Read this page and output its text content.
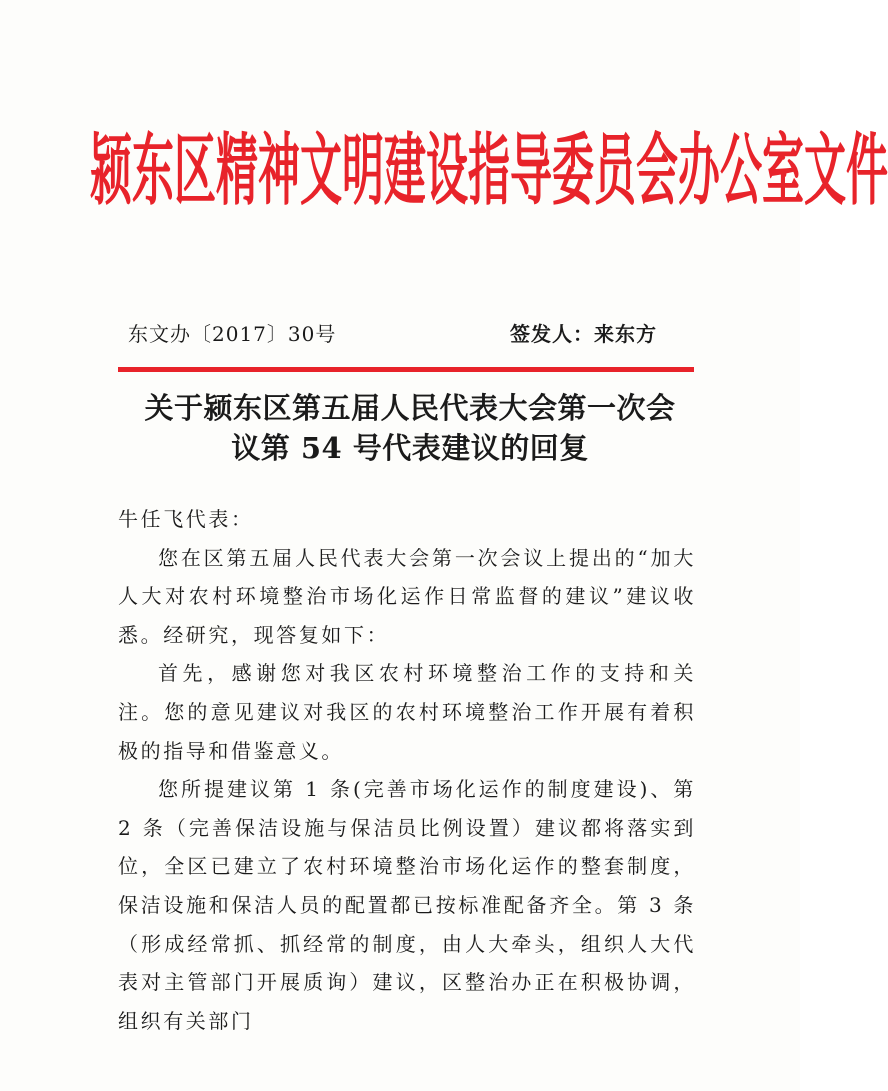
颍东区精神文明建设指导委员会办公室文件
东文办〔2017〕30号	签发人：来东方
关于颍东区第五届人民代表大会第一次会
议第 54 号代表建议的回复

牛任飞代表：

您在区第五届人民代表大会第一次会议上提出的“加大人大对农村环境整治市场化运作日常监督的建议”建议收悉。经研究，现答复如下：

首先，感谢您对我区农村环境整治工作的支持和关注。您的意见建议对我区的农村环境整治工作开展有着积极的指导和借鉴意义。

您所提建议第 1 条(完善市场化运作的制度建设)、第 2 条（完善保洁设施与保洁员比例设置）建议都将落实到位，全区已建立了农村环境整治市场化运作的整套制度，保洁设施和保洁人员的配置都已按标准配备齐全。第 3 条（形成经常抓、抓经常的制度，由人大牵头，组织人大代表对主管部门开展质询）建议，区整治办正在积极协调，组织有关部门
